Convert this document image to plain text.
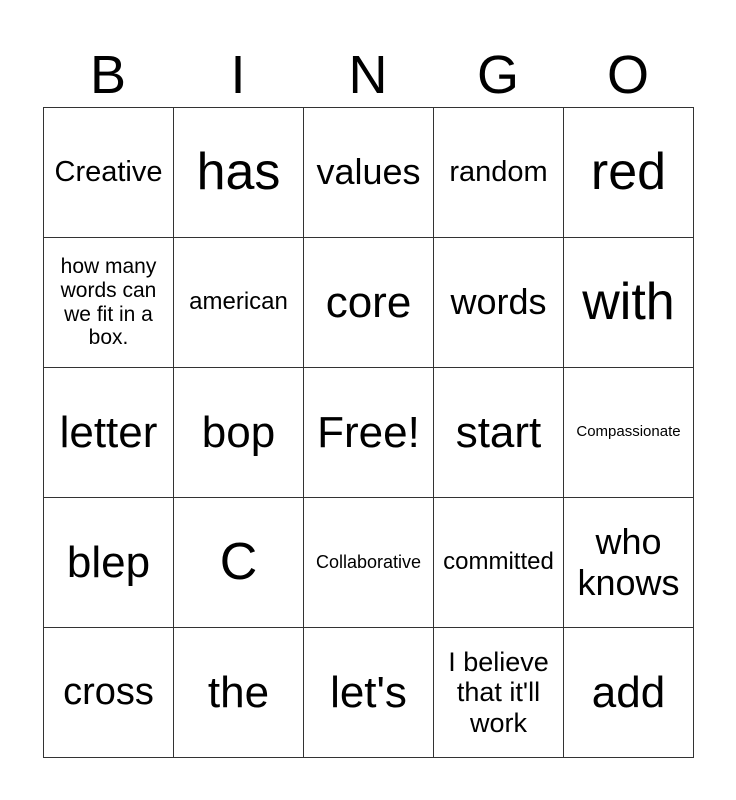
B	I	N	G	O
Creative	has	values	random	red
how many words can we fit in a box.	american	core	words	with
letter	bop	Free!	start	Compassionate
blep	C	Collaborative	committed	who knows
cross	the	let's	I believe that it'll work	add
